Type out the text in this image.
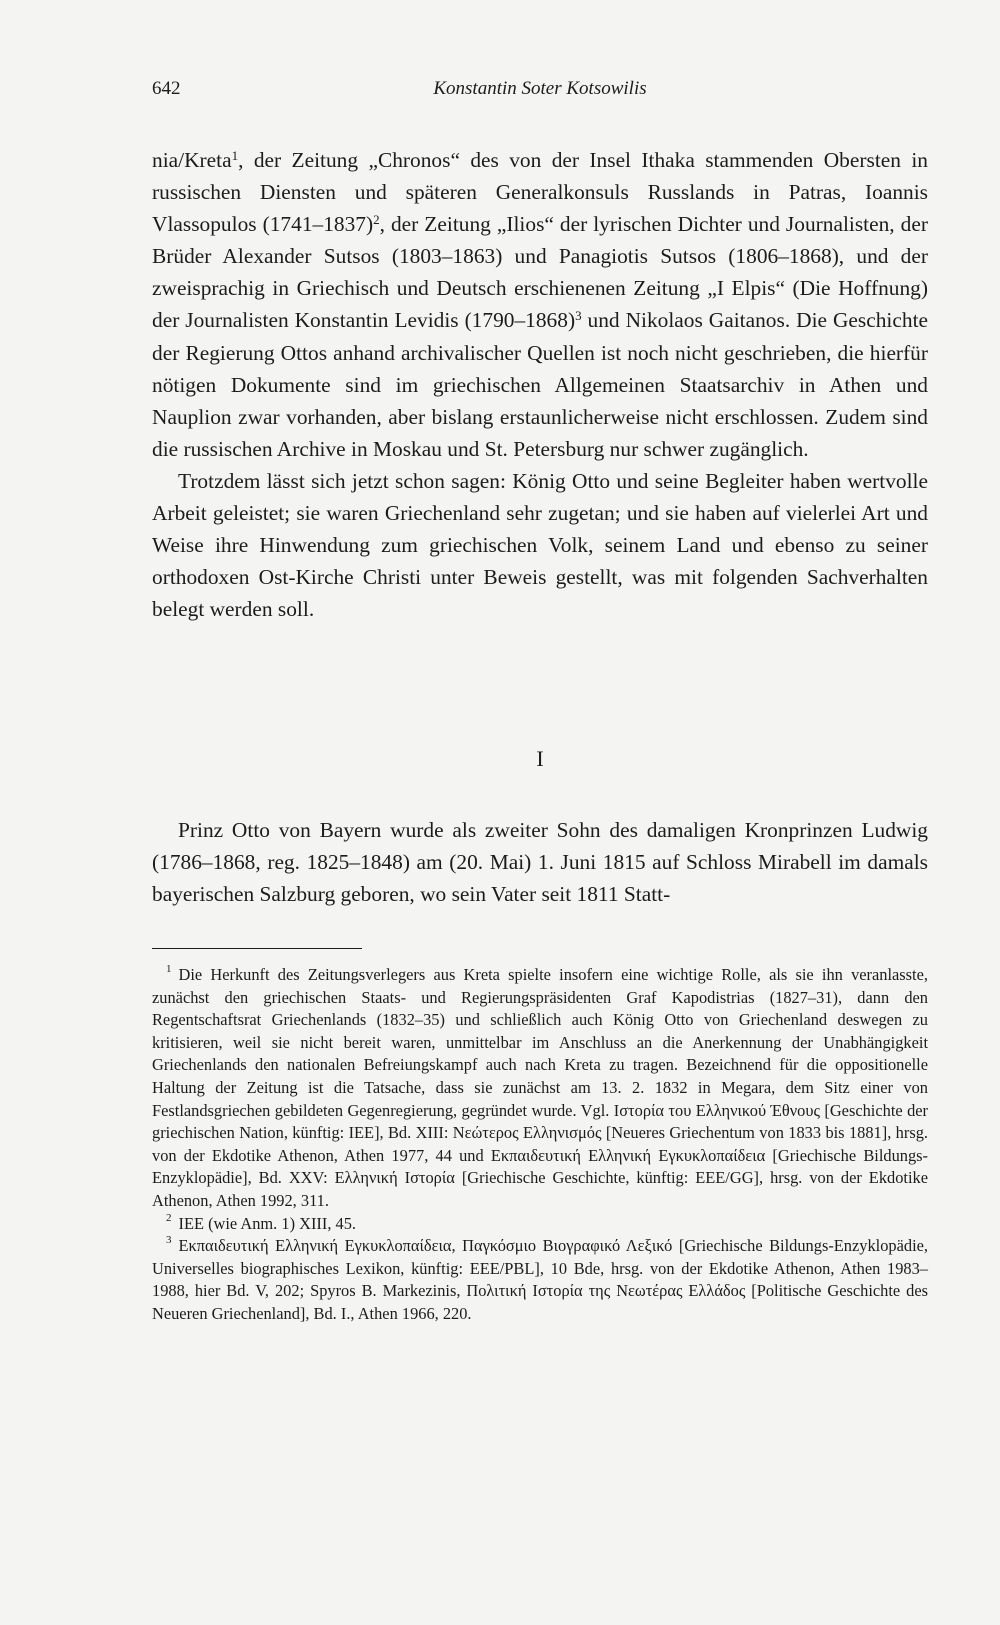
642	Konstantin Soter Kotsowilis

nia/Kreta$^1$, der Zeitung „Chronos“ des von der Insel Ithaka stammenden Obersten in russischen Diensten und späteren Generalkonsuls Russlands in Patras, Ioannis Vlassopulos (1741–1837)$^2$, der Zeitung „Ilios“ der lyrischen Dichter und Journalisten, der Brüder Alexander Sutsos (1803–1863) und Panagiotis Sutsos (1806–1868), und der zweisprachig in Griechisch und Deutsch erschienenen Zeitung „I Elpis“ (Die Hoffnung) der Journalisten Konstantin Levidis (1790–1868)$^3$ und Nikolaos Gaitanos. Die Geschichte der Regierung Ottos anhand archivalischer Quellen ist noch nicht geschrieben, die hierfür nötigen Dokumente sind im griechischen Allgemeinen Staatsarchiv in Athen und Nauplion zwar vorhanden, aber bislang erstaunlicherweise nicht erschlossen. Zudem sind die russischen Archive in Moskau und St. Petersburg nur schwer zugänglich.

Trotzdem lässt sich jetzt schon sagen: König Otto und seine Begleiter haben wertvolle Arbeit geleistet; sie waren Griechenland sehr zugetan; und sie haben auf vielerlei Art und Weise ihre Hinwendung zum griechischen Volk, seinem Land und ebenso zu seiner orthodoxen Ost-Kirche Christi unter Beweis gestellt, was mit folgenden Sachverhalten belegt werden soll.

I

Prinz Otto von Bayern wurde als zweiter Sohn des damaligen Kronprinzen Ludwig (1786–1868, reg. 1825–1848) am (20. Mai) 1. Juni 1815 auf Schloss Mirabell im damals bayerischen Salzburg geboren, wo sein Vater seit 1811 Statt-

$^1$ Die Herkunft des Zeitungsverlegers aus Kreta spielte insofern eine wichtige Rolle, als sie ihn veranlasste, zunächst den griechischen Staats- und Regierungspräsidenten Graf Kapodistrias (1827–31), dann den Regentschaftsrat Griechenlands (1832–35) und schließlich auch König Otto von Griechenland deswegen zu kritisieren, weil sie nicht bereit waren, unmittelbar im Anschluss an die Anerkennung der Unabhängigkeit Griechenlands den nationalen Befreiungskampf auch nach Kreta zu tragen. Bezeichnend für die oppositionelle Haltung der Zeitung ist die Tatsache, dass sie zunächst am 13. 2. 1832 in Megara, dem Sitz einer von Festlandsgriechen gebildeten Gegenregierung, gegründet wurde. Vgl. Ιστορία του Ελληνικού Έθνους [Geschichte der griechischen Nation, künftig: IEE], Bd. XIII: Νεώτερος Ελληνισμός [Neueres Griechentum von 1833 bis 1881], hrsg. von der Ekdotike Athenon, Athen 1977, 44 und Εκπαιδευτική Ελληνική Εγκυκλοπαίδεια [Griechische Bildungs-Enzyklopädie], Bd. XXV: Ελληνική Ιστορία [Griechische Geschichte, künftig: EEE/GG], hrsg. von der Ekdotike Athenon, Athen 1992, 311.

$^2$ IEE (wie Anm. 1) XIII, 45.

$^3$ Εκπαιδευτική Ελληνική Εγκυκλοπαίδεια, Παγκόσμιο Βιογραφικό Λεξικό [Griechische Bildungs-Enzyklopädie, Universelles biographisches Lexikon, künftig: EEE/PBL], 10 Bde, hrsg. von der Ekdotike Athenon, Athen 1983–1988, hier Bd. V, 202; Spyros B. Markezinis, Πολιτική Ιστορία της Νεωτέρας Ελλάδος [Politische Geschichte des Neueren Griechenland], Bd. I., Athen 1966, 220.
